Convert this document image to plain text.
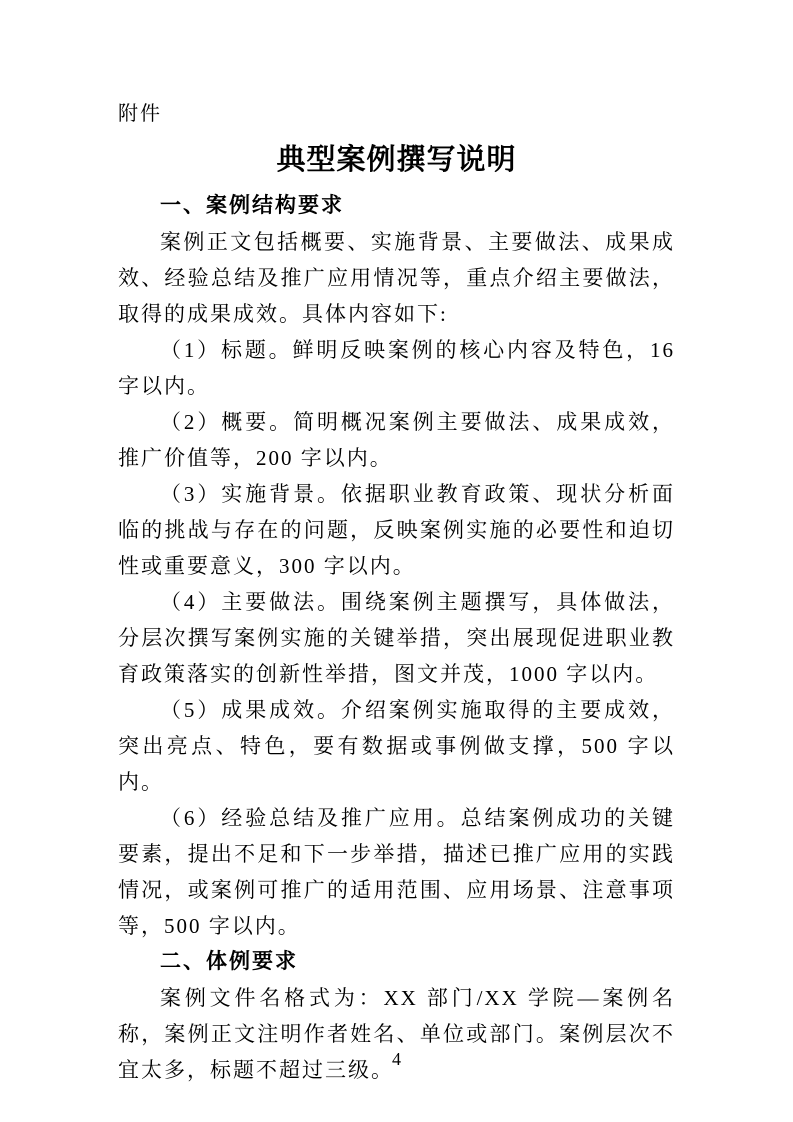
附件
典型案例撰写说明
一、案例结构要求

案例正文包括概要、实施背景、主要做法、成果成效、经验总结及推广应用情况等，重点介绍主要做法，取得的成果成效。具体内容如下:

（1）标题。鲜明反映案例的核心内容及特色，16 字以内。

（2）概要。简明概况案例主要做法、成果成效，推广价值等，200 字以内。

（3）实施背景。依据职业教育政策、现状分析面临的挑战与存在的问题，反映案例实施的必要性和迫切性或重要意义，300 字以内。

（4）主要做法。围绕案例主题撰写，具体做法，分层次撰写案例实施的关键举措，突出展现促进职业教育政策落实的创新性举措，图文并茂，1000 字以内。

（5）成果成效。介绍案例实施取得的主要成效，突出亮点、特色，要有数据或事例做支撑，500 字以内。

（6）经验总结及推广应用。总结案例成功的关键要素，提出不足和下一步举措，描述已推广应用的实践情况，或案例可推广的适用范围、应用场景、注意事项等，500 字以内。

二、体例要求

案例文件名格式为：XX 部门/XX 学院—案例名称，案例正文注明作者姓名、单位或部门。案例层次不宜太多，标题不超过三级。

4
